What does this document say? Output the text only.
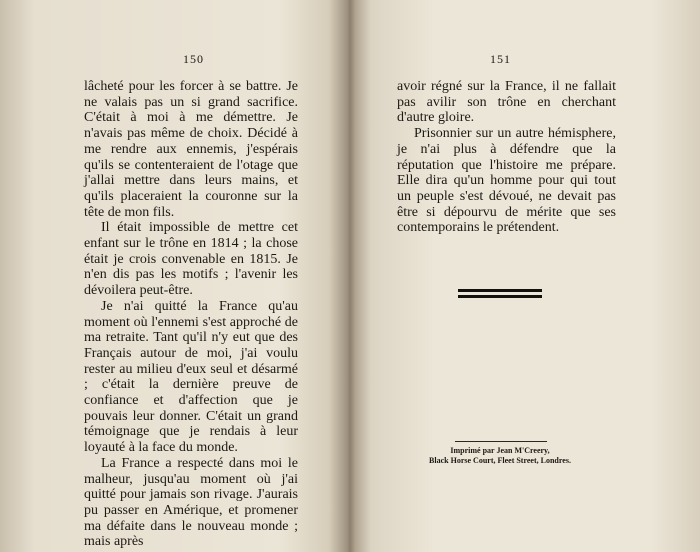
150

lâcheté pour les forcer à se battre. Je ne valais pas un si grand sacrifice. C'était à moi à me démettre. Je n'avais pas même de choix. Décidé à me rendre aux ennemis, j'espérais qu'ils se contenteraient de l'otage que j'allai mettre dans leurs mains, et qu'ils placeraient la couronne sur la tête de mon fils.

Il était impossible de mettre cet enfant sur le trône en 1814 ; la chose était je crois convenable en 1815. Je n'en dis pas les motifs ; l'avenir les dévoilera peut-être.

Je n'ai quitté la France qu'au moment où l'ennemi s'est approché de ma retraite. Tant qu'il n'y eut que des Français autour de moi, j'ai voulu rester au milieu d'eux seul et désarmé ; c'était la dernière preuve de confiance et d'affection que je pouvais leur donner. C'était un grand témoignage que je rendais à leur loyauté à la face du monde.

La France a respecté dans moi le malheur, jusqu'au moment où j'ai quitté pour jamais son rivage. J'aurais pu passer en Amérique, et promener ma défaite dans le nouveau monde ; mais après

151

avoir régné sur la France, il ne fallait pas avilir son trône en cherchant d'autre gloire.

Prisonnier sur un autre hémisphere, je n'ai plus à défendre que la réputation que l'histoire me prépare. Elle dira qu'un homme pour qui tout un peuple s'est dévoué, ne devait pas être si dépourvu de mérite que ses contemporains le prétendent.

Imprimé par Jean M'Creery,
Black Horse Court, Fleet Street, Londres.
